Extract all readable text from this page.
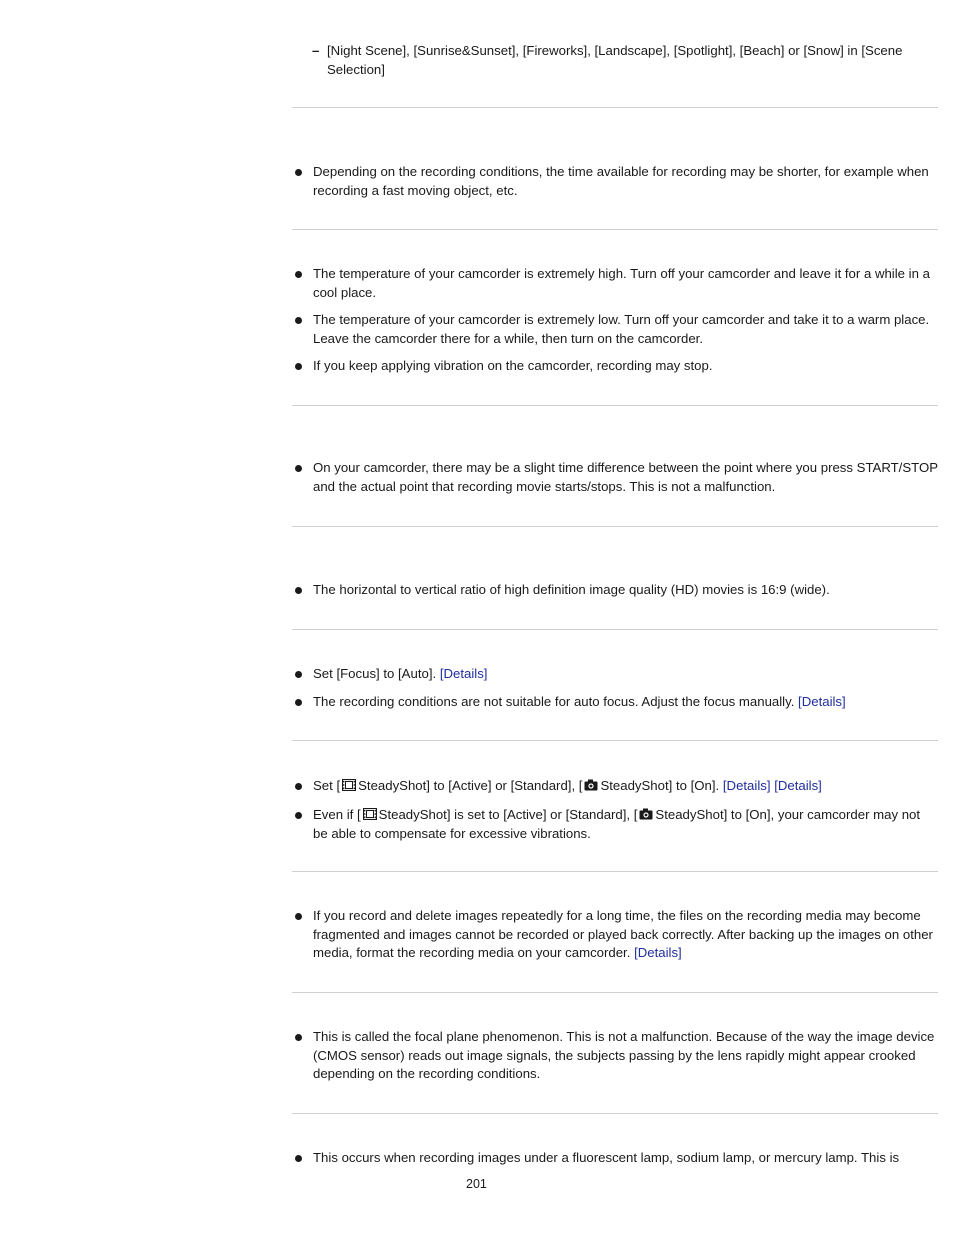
– [Night Scene], [Sunrise&Sunset], [Fireworks], [Landscape], [Spotlight], [Beach] or [Snow] in [Scene Selection]

Depending on the recording conditions, the time available for recording may be shorter, for example when recording a fast moving object, etc.

The temperature of your camcorder is extremely high. Turn off your camcorder and leave it for a while in a cool place.

The temperature of your camcorder is extremely low. Turn off your camcorder and take it to a warm place. Leave the camcorder there for a while, then turn on the camcorder.

If you keep applying vibration on the camcorder, recording may stop.

On your camcorder, there may be a slight time difference between the point where you press START/STOP and the actual point that recording movie starts/stops. This is not a malfunction.

The horizontal to vertical ratio of high definition image quality (HD) movies is 16:9 (wide).

Set [Focus] to [Auto]. [Details]

The recording conditions are not suitable for auto focus. Adjust the focus manually. [Details]

Set [ SteadyShot] to [Active] or [Standard], [ SteadyShot] to [On]. [Details] [Details]

Even if [ SteadyShot] is set to [Active] or [Standard], [ SteadyShot] to [On], your camcorder may not be able to compensate for excessive vibrations.

If you record and delete images repeatedly for a long time, the files on the recording media may become fragmented and images cannot be recorded or played back correctly. After backing up the images on other media, format the recording media on your camcorder. [Details]

This is called the focal plane phenomenon. This is not a malfunction. Because of the way the image device (CMOS sensor) reads out image signals, the subjects passing by the lens rapidly might appear crooked depending on the recording conditions.

This occurs when recording images under a fluorescent lamp, sodium lamp, or mercury lamp. This is

201
